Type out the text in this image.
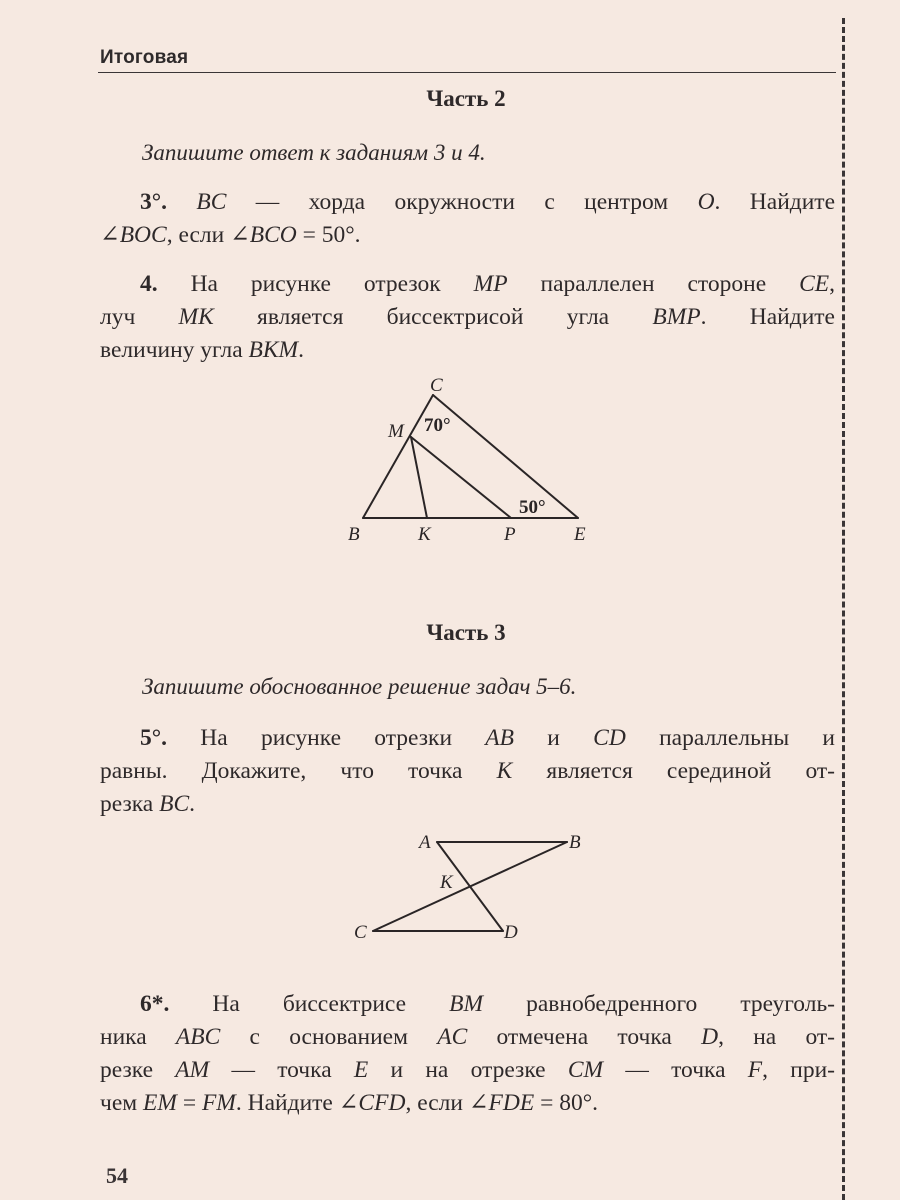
Итоговая
Часть 2
Запишите ответ к заданиям 3 и 4.
3°. BC — хорда окружности с центром O. Найдите
∠BOC, если ∠BCO = 50°.
4. На рисунке отрезок MP параллелен стороне CE,
луч MK является биссектрисой угла BMP. Найдите
величину угла BKM.
C
M
B	K	P	E
70°
50°
Часть 3
Запишите обоснованное решение задач 5–6.
5°. На рисунке отрезки AB и CD параллельны и
равны. Докажите, что точка K является серединой от-
резка BC.
A	B
C	D
K
6*. На биссектрисе BM равнобедренного треуголь-
ника ABC с основанием AC отмечена точка D, на от-
резке AM — точка E и на отрезке CM — точка F, при-
чем EM = FM. Найдите ∠CFD, если ∠FDE = 80°.
54
